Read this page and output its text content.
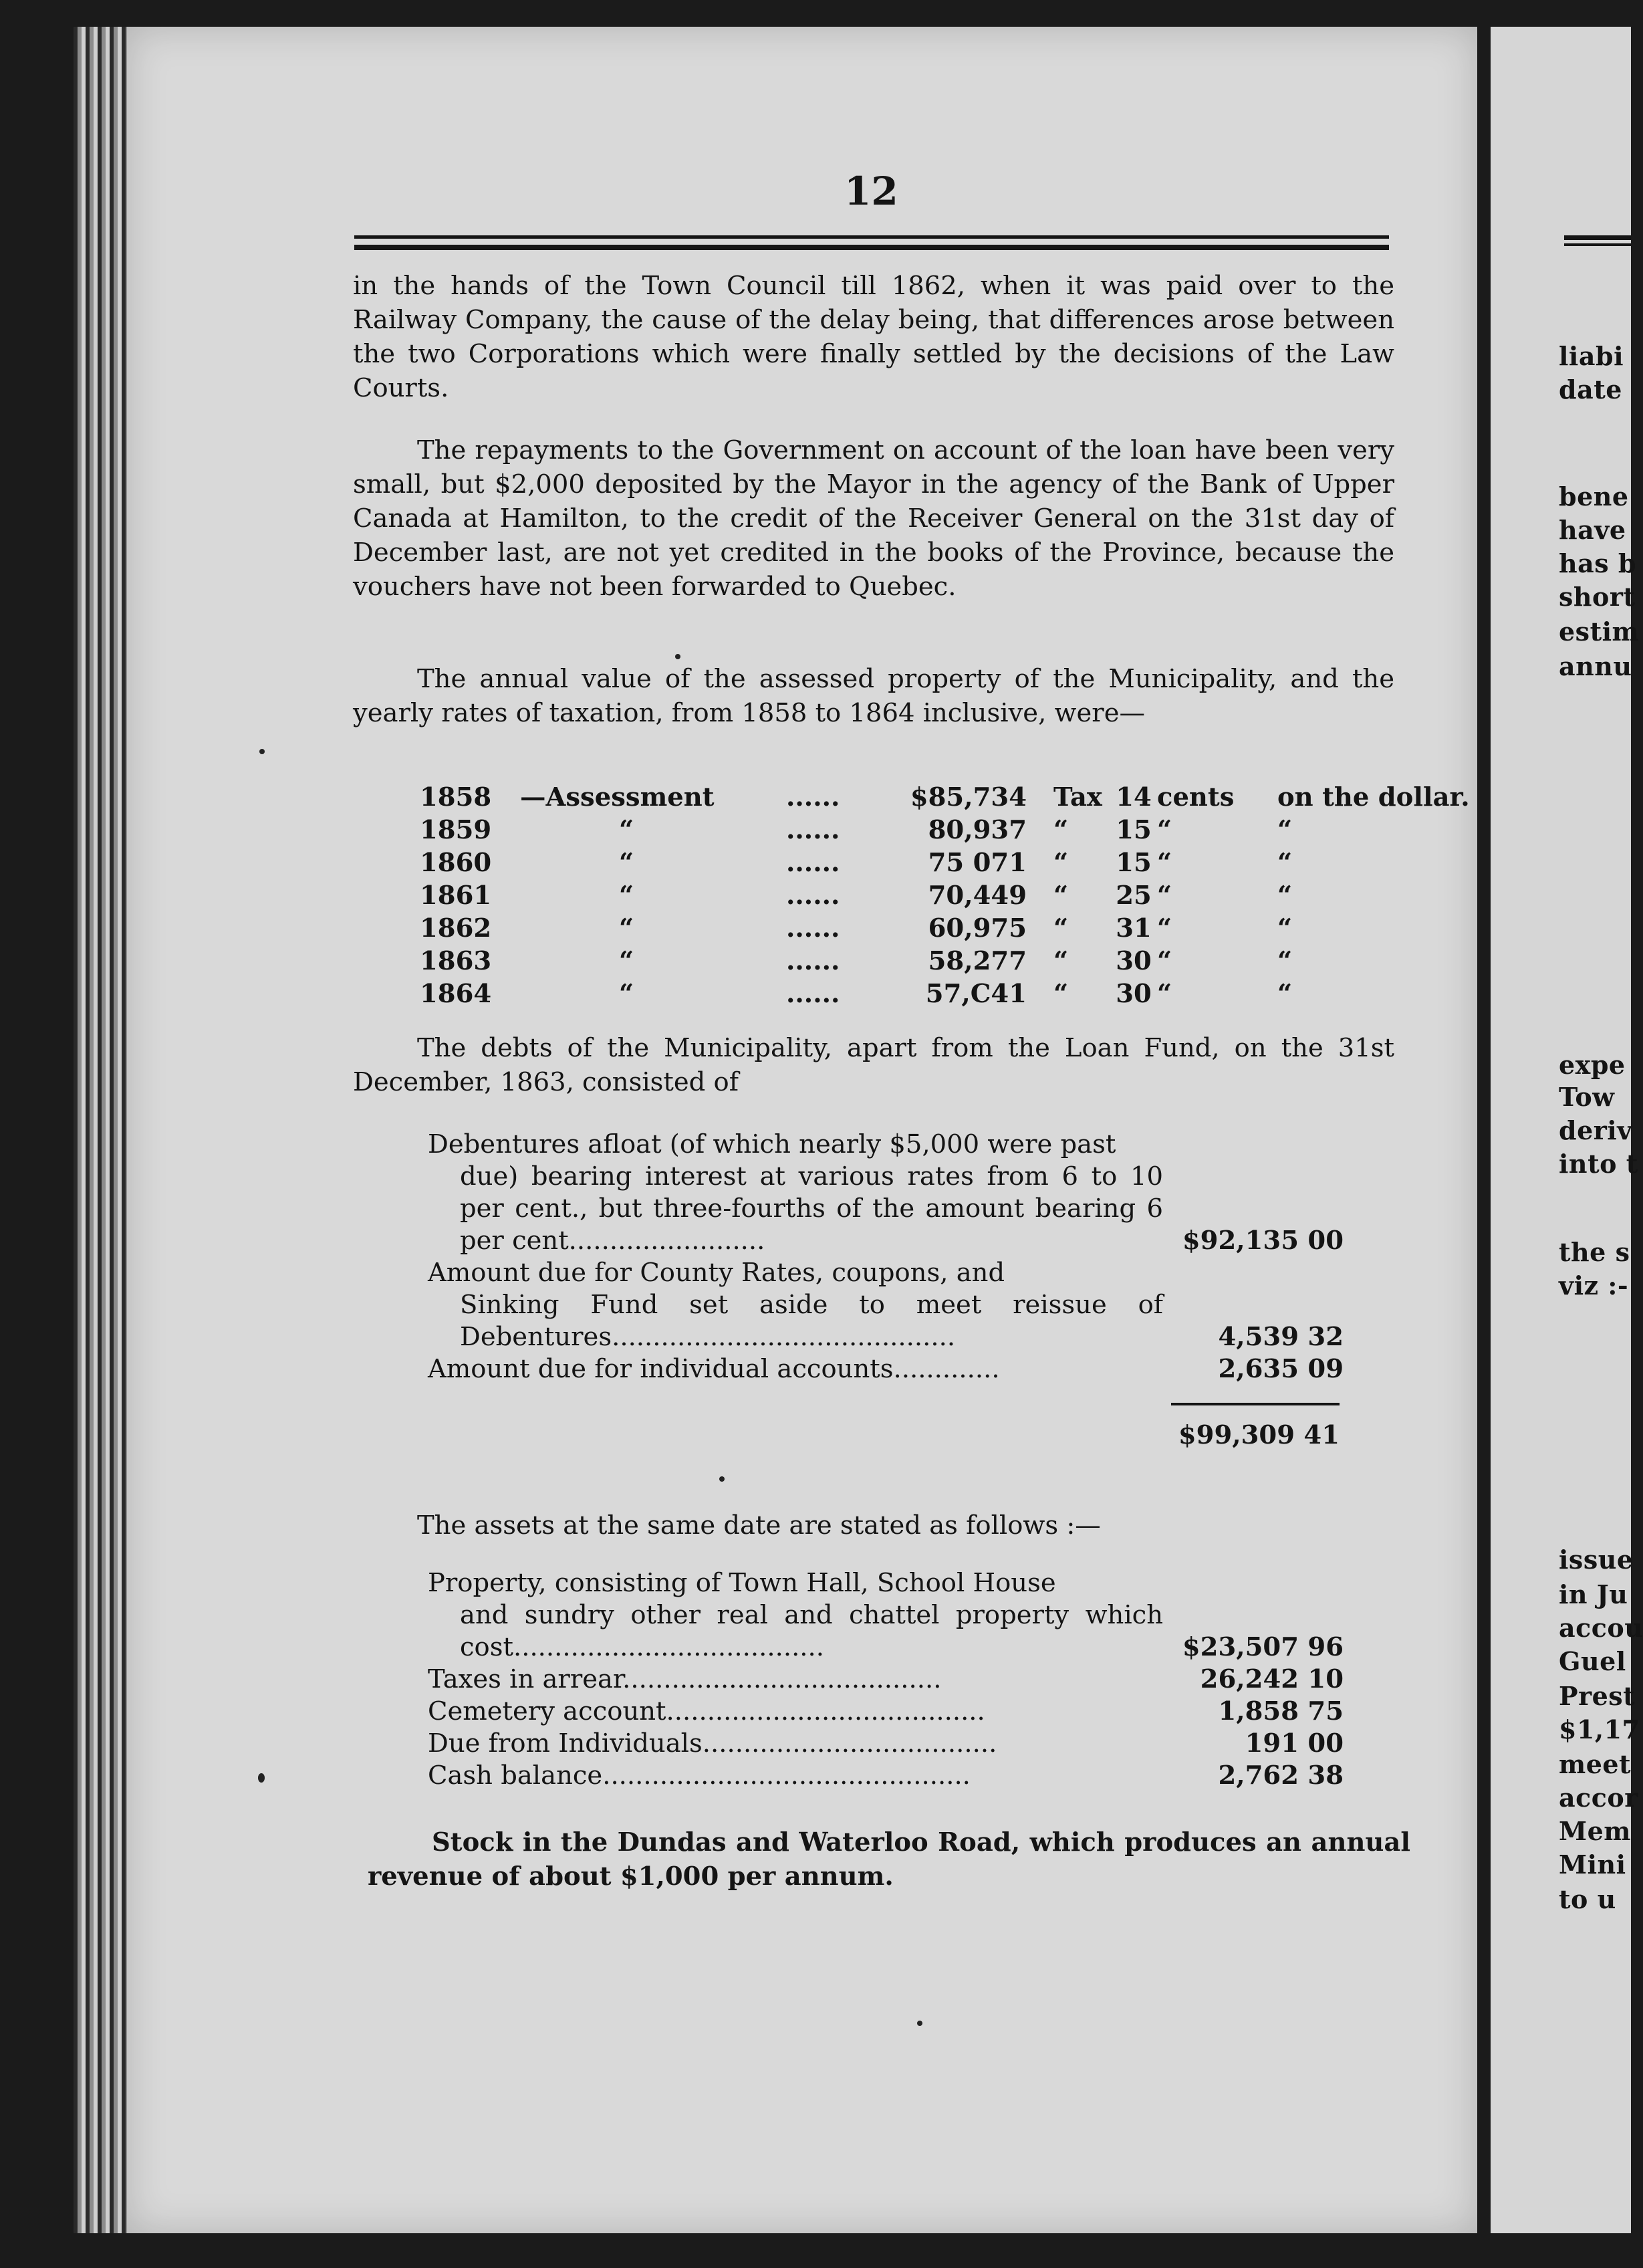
12
in the hands of the Town Council till 1862, when it was paid over to the Railway Company, the cause of the delay being, that differences arose between the two Corporations which were finally settled by the decisions of the Law Courts.
The repayments to the Government on account of the loan have been very small, but $2,000 deposited by the Mayor in the agency of the Bank of Upper Canada at Hamilton, to the credit of the Receiver General on the 31st day of December last, are not yet credited in the books of the Province, because the vouchers have not been forwarded to Quebec.
The annual value of the assessed property of the Municipality, and the yearly rates of taxation, from 1858 to 1864 inclusive, were—
1858	—Assessment	......	$85,734	Tax	14	cents	on the dollar.
1859	“	......	80,937	“	15	“	“
1860	“	......	75 071	“	15	“	“
1861	“	......	70,449	“	25	“	“
1862	“	......	60,975	“	31	“	“
1863	“	......	58,277	“	30	“	“
1864	“	......	57,C41	“	30	“	“
The debts of the Municipality, apart from the Loan Fund, on the 31st December, 1863, consisted of
Debentures afloat (of which nearly $5,000 were past
due) bearing interest at various rates from 6 to 10 per cent., but three-fourths of the amount bearing 6 per cent........................	$92,135 00
Amount due for County Rates, coupons, and
Sinking Fund set aside to meet reissue of Debentures..........................................	4,539 32
Amount due for individual accounts.............	2,635 09
$99,309 41
The assets at the same date are stated as follows :—
Property, consisting of Town Hall, School House
and sundry other real and chattel property which cost......................................	$23,507 96
Taxes in arrear.......................................	26,242 10
Cemetery account.......................................	1,858 75
Due from Individuals....................................	191 00
Cash balance.............................................	2,762 38
Stock in the Dundas and Waterloo Road, which produces an annual revenue of about $1,000 per annum.
liabi
date
bene
have
has b
short
estim
annu
expe
Tow
deriv
into t
the s
viz :-
issue
in Ju
accou
Guel
Prest
$1,17
meet
accor
Mem
Mini
to u
